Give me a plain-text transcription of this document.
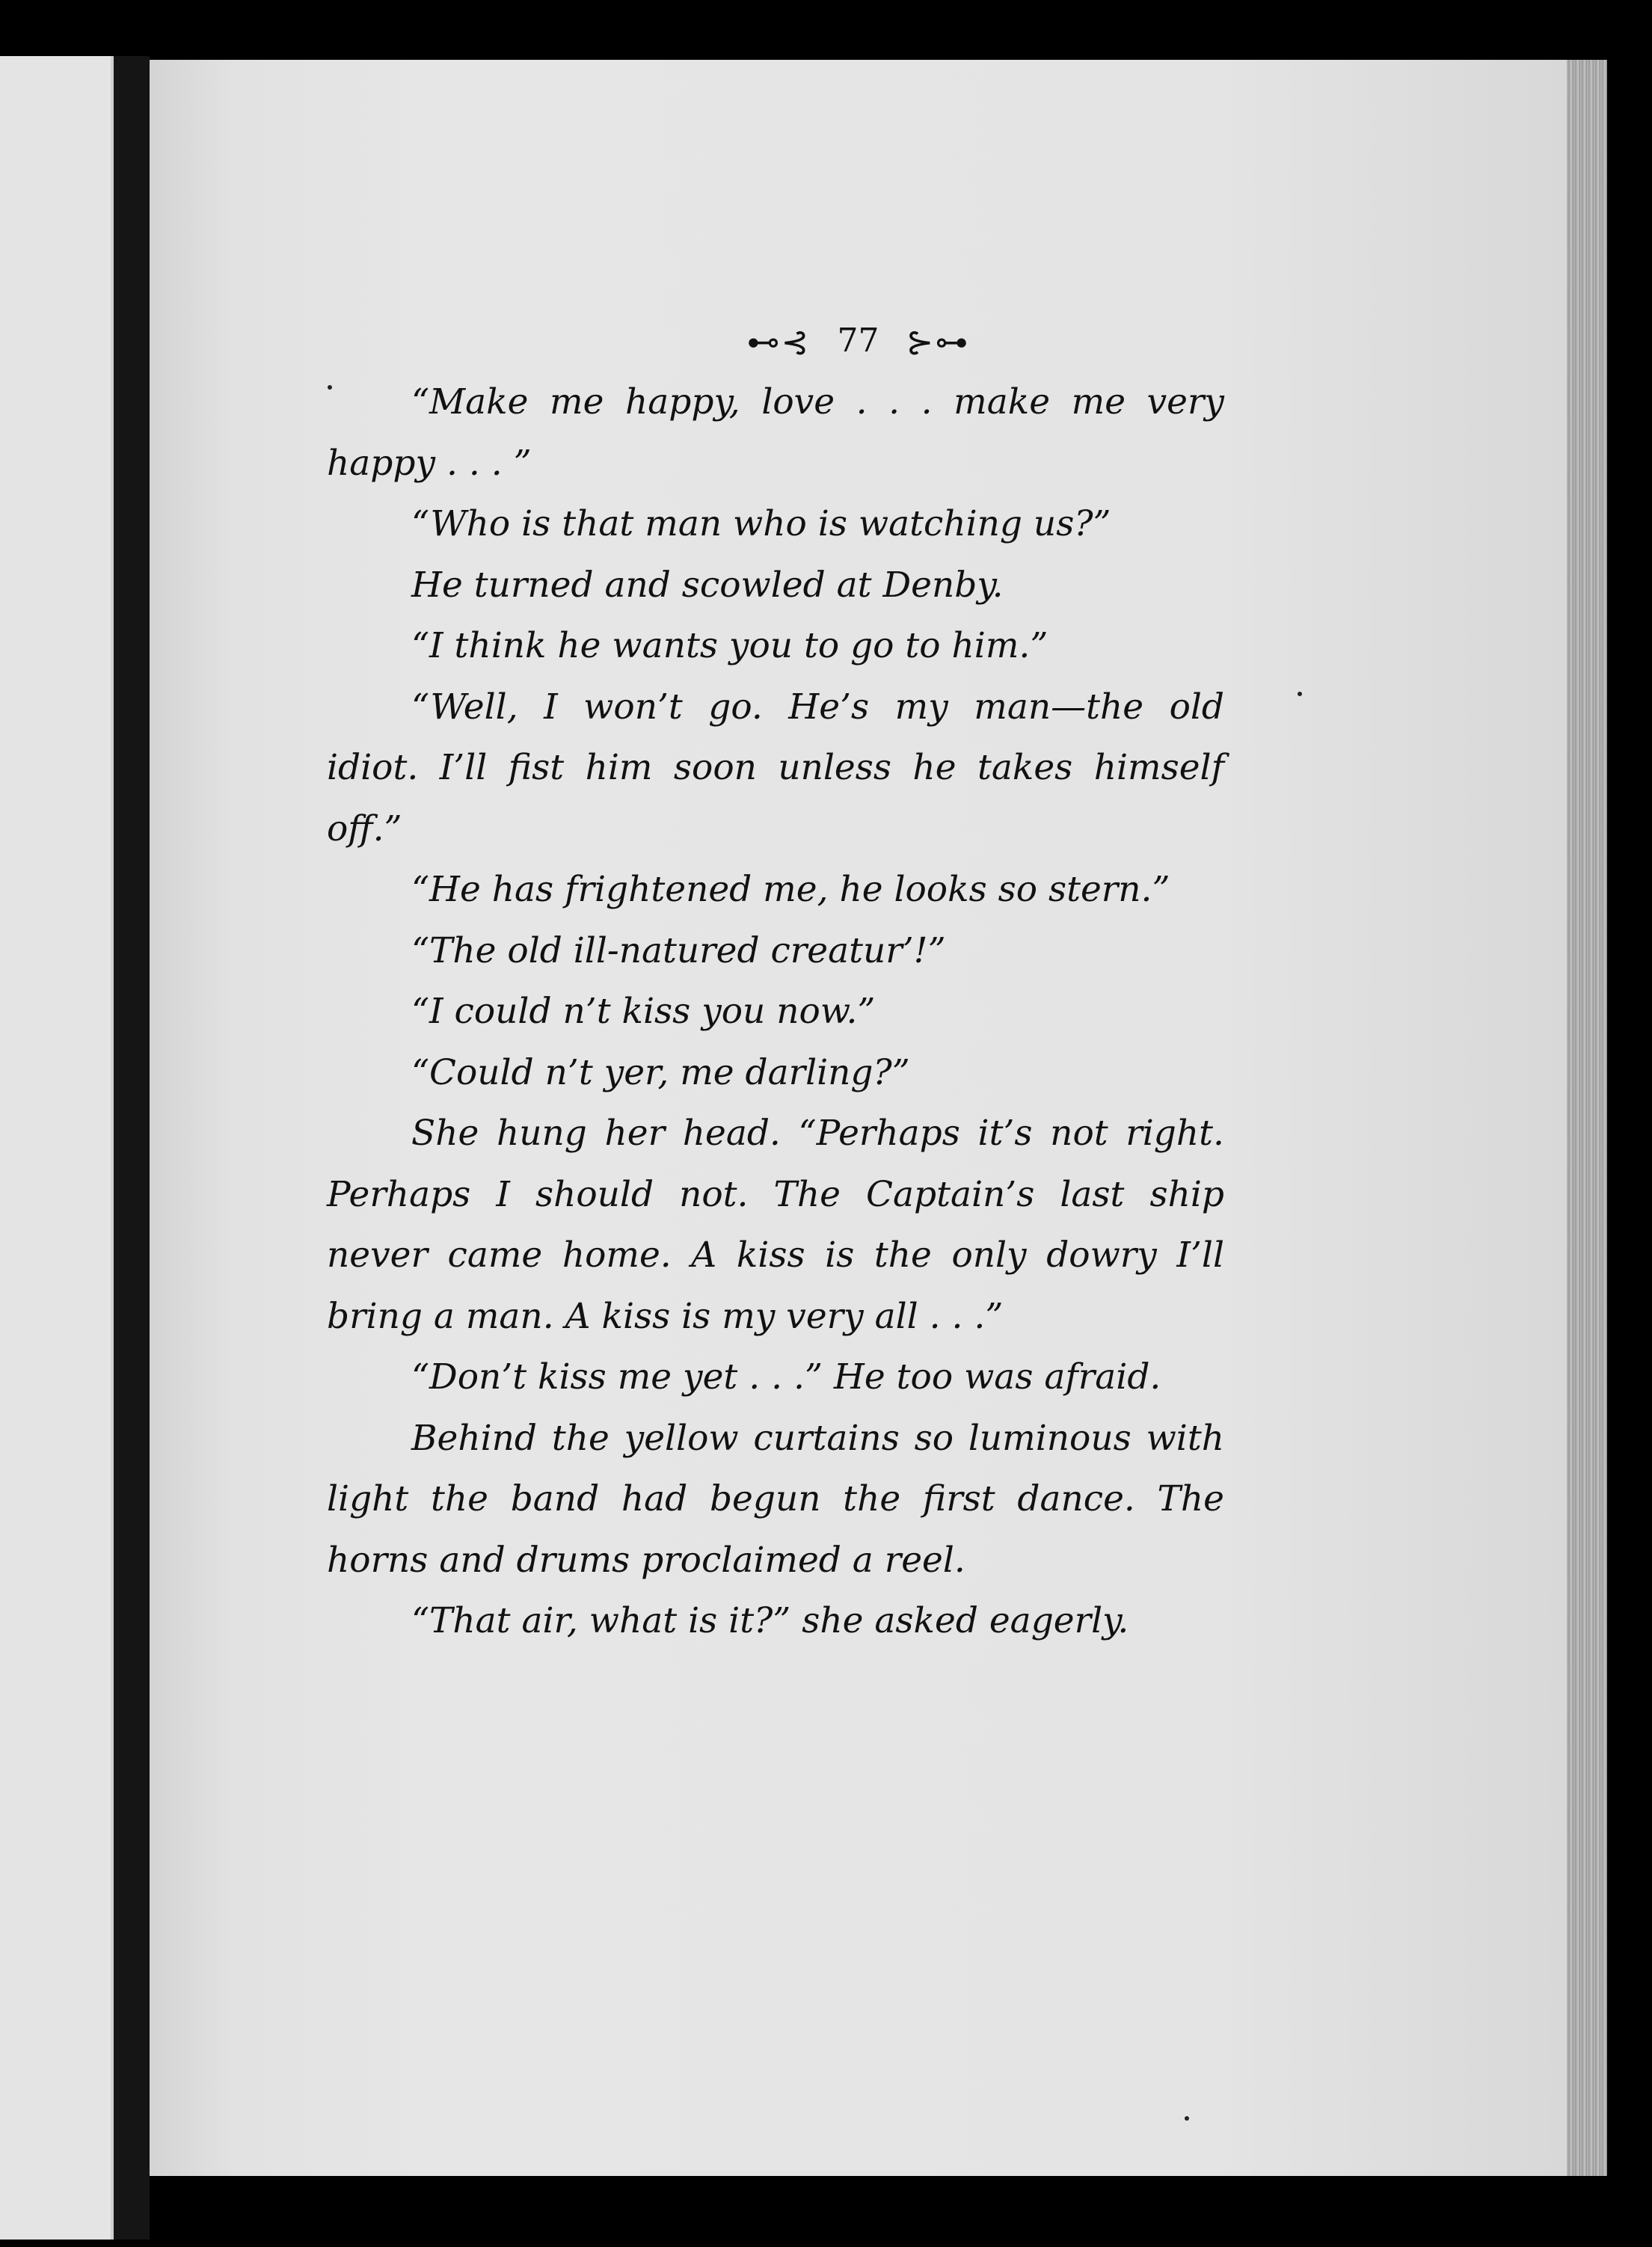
⊷⊰ 77 ⊱⊶

“Make me happy, love . . . make me very happy . . . ”

“Who is that man who is watching us?”

He turned and scowled at Denby.

“I think he wants you to go to him.”

“Well, I won’t go. He’s my man—the old idiot. I’ll fist him soon unless he takes himself off.”

“He has frightened me, he looks so stern.”

“The old ill-natured creatur’!”

“I could n’t kiss you now.”

“Could n’t yer, me darling?”

She hung her head. “Perhaps it’s not right. Perhaps I should not. The Captain’s last ship never came home. A kiss is the only dowry I’ll bring a man. A kiss is my very all . . .”

“Don’t kiss me yet . . .” He too was afraid.

Behind the yellow curtains so luminous with light the band had begun the first dance. The horns and drums proclaimed a reel.

“That air, what is it?” she asked eagerly.
